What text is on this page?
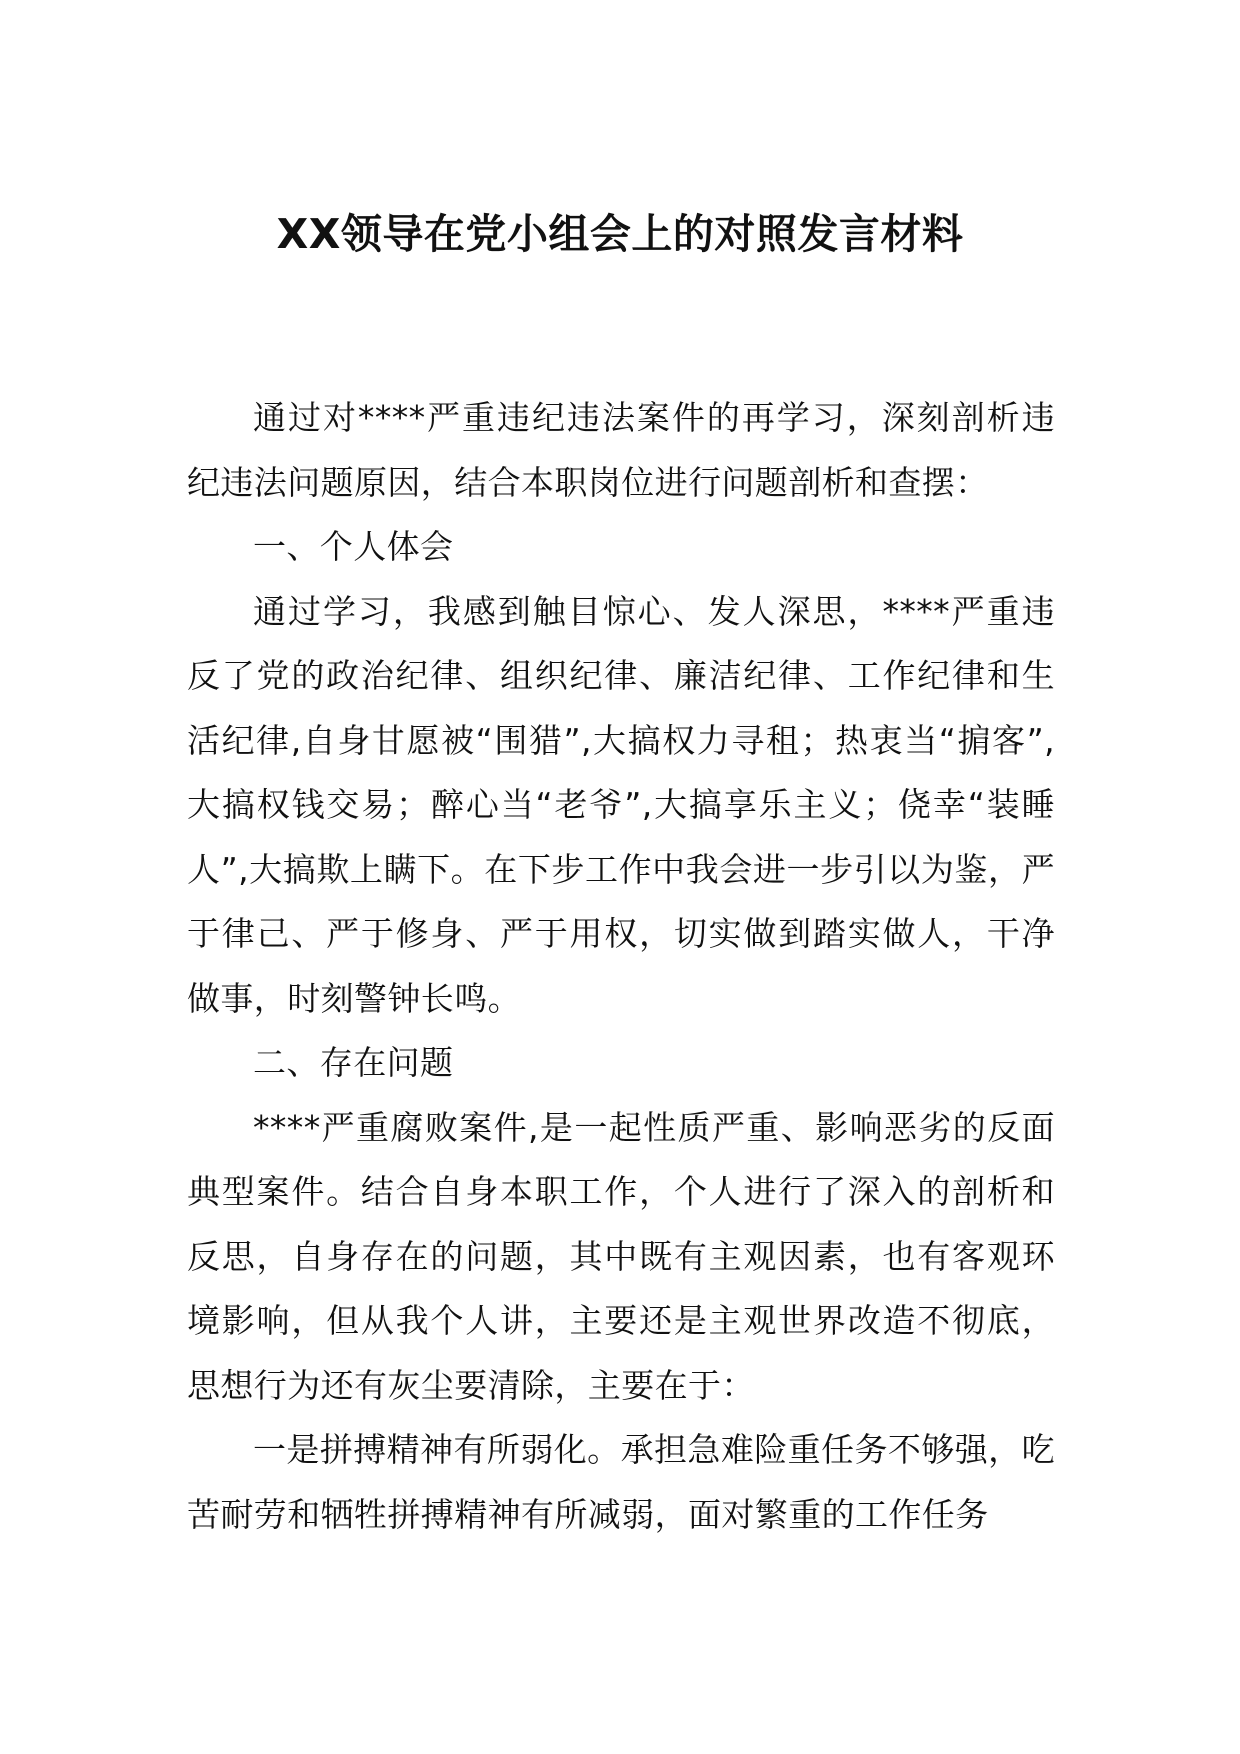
XX领导在党小组会上的对照发言材料

通过对****严重违纪违法案件的再学习，深刻剖析违纪违法问题原因，结合本职岗位进行问题剖析和查摆：

一、个人体会

通过学习，我感到触目惊心、发人深思，****严重违反了党的政治纪律、组织纪律、廉洁纪律、工作纪律和生活纪律,自身甘愿被“围猎”,大搞权力寻租；热衷当“掮客”,大搞权钱交易；醉心当“老爷”,大搞享乐主义；侥幸“装睡人”,大搞欺上瞒下。在下步工作中我会进一步引以为鉴，严于律己、严于修身、严于用权，切实做到踏实做人，干净做事，时刻警钟长鸣。

二、存在问题

****严重腐败案件,是一起性质严重、影响恶劣的反面典型案件。结合自身本职工作，个人进行了深入的剖析和反思，自身存在的问题，其中既有主观因素，也有客观环境影响，但从我个人讲，主要还是主观世界改造不彻底，思想行为还有灰尘要清除，主要在于：

一是拼搏精神有所弱化。承担急难险重任务不够强，吃苦耐劳和牺牲拼搏精神有所减弱，面对繁重的工作任务
